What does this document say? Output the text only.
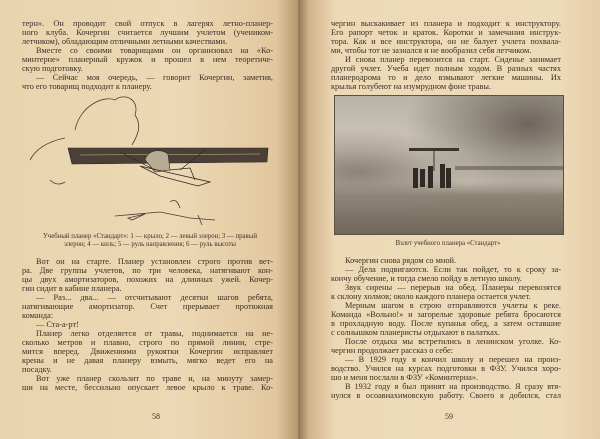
терн». Он проводит свой отпуск в лагерях летно-планер-
ного клуба. Кочергин считается лучшим учлетом (учеником-
летчиком), обладающим отличными летными качествами.
Вместе со своими товарищами он организовал на «Ко-
минтерне» планерный кружок и прошел в нем теоретиче-
скую подготовку.
— Сейчас моя очередь, — говорит Кочергин, заметив,
что его товарищ подходит к планеру.
Учебный планер «Стандарт»: 1 — крыло; 2 — левый элерон; 3 — правый
элерон; 4 — киль; 5 — руль направления; 6 — руль высоты
Вот он на старте. Планер установлен строго против вет-
ра. Две группы учлетов, по три человека, натягивают кон-
цы двух амортизаторов, похожих на длинных ужей. Кочер-
гин сидит в кабине планера.
— Раз... два... — отсчитывают десятки шагов ребята,
натягивающие амортизатор. Счет прерывает протяжная
команда:
— Ста-а-рт!
Планер легко отделяется от травы, поднимается на не-
сколько метров и плавно, строго по прямой линии, стре-
мится вперед. Движениями рукоятки Кочергин исправляет
крены и не давая планеру взмыть, мягко ведет его на
посадку.
Вот уже планер скользит по траве и, на минуту замер-
ши на месте, бессильно опускает левое крыло к траве. Ко-
58
чергин выскакивает из планера и подходит к инструктору.
Его рапорт четок и краток. Коротки и замечания инструк-
тора. Как и все инструктора, он не балует учлета похвала-
ми, чтобы тот не зазнался и не вообразил себя летчиком.
И снова планер перевозится на старт. Сиденье занимает
другой учлет. Учеба идет полным ходом. В разных частях
планеродрома то и дело взмывают легкие машины. Их
крылья голубеют на изумрудном фоне травы.
Взлет учебного планера «Стандарт»
Кочергин снова рядом со мной.
— Дела подвигаются. Если так пойдет, то к сроку за-
кончу обучение, и тогда смело пойду в летную школу.
Звук сирены — перерыв на обед. Планеры перевозятся
к склону холмов; около каждого планера остается учлет.
Мерным шагом в строю отправляются учлеты к реке.
Команда «Вольно!» и загорелые здоровые ребята бросаются
в прохладную воду. После купанья обед, а затем оставшие
с солнышком планеристы отдыхают в палатках.
После отдыха мы встретились в ленинском уголке. Ко-
чергин продолжает рассказ о себе:
— В 1929 году я кончил школу и перешел на произ-
водство. Учился на курсах подготовки в ФЗУ. Учился хоро-
шо и меня послали в ФЗУ «Коминтерна».
В 1932 году я был принят на производство. Я сразу втя-
нулся в осоавиахимовскую работу. Своего я добился, стал
59
